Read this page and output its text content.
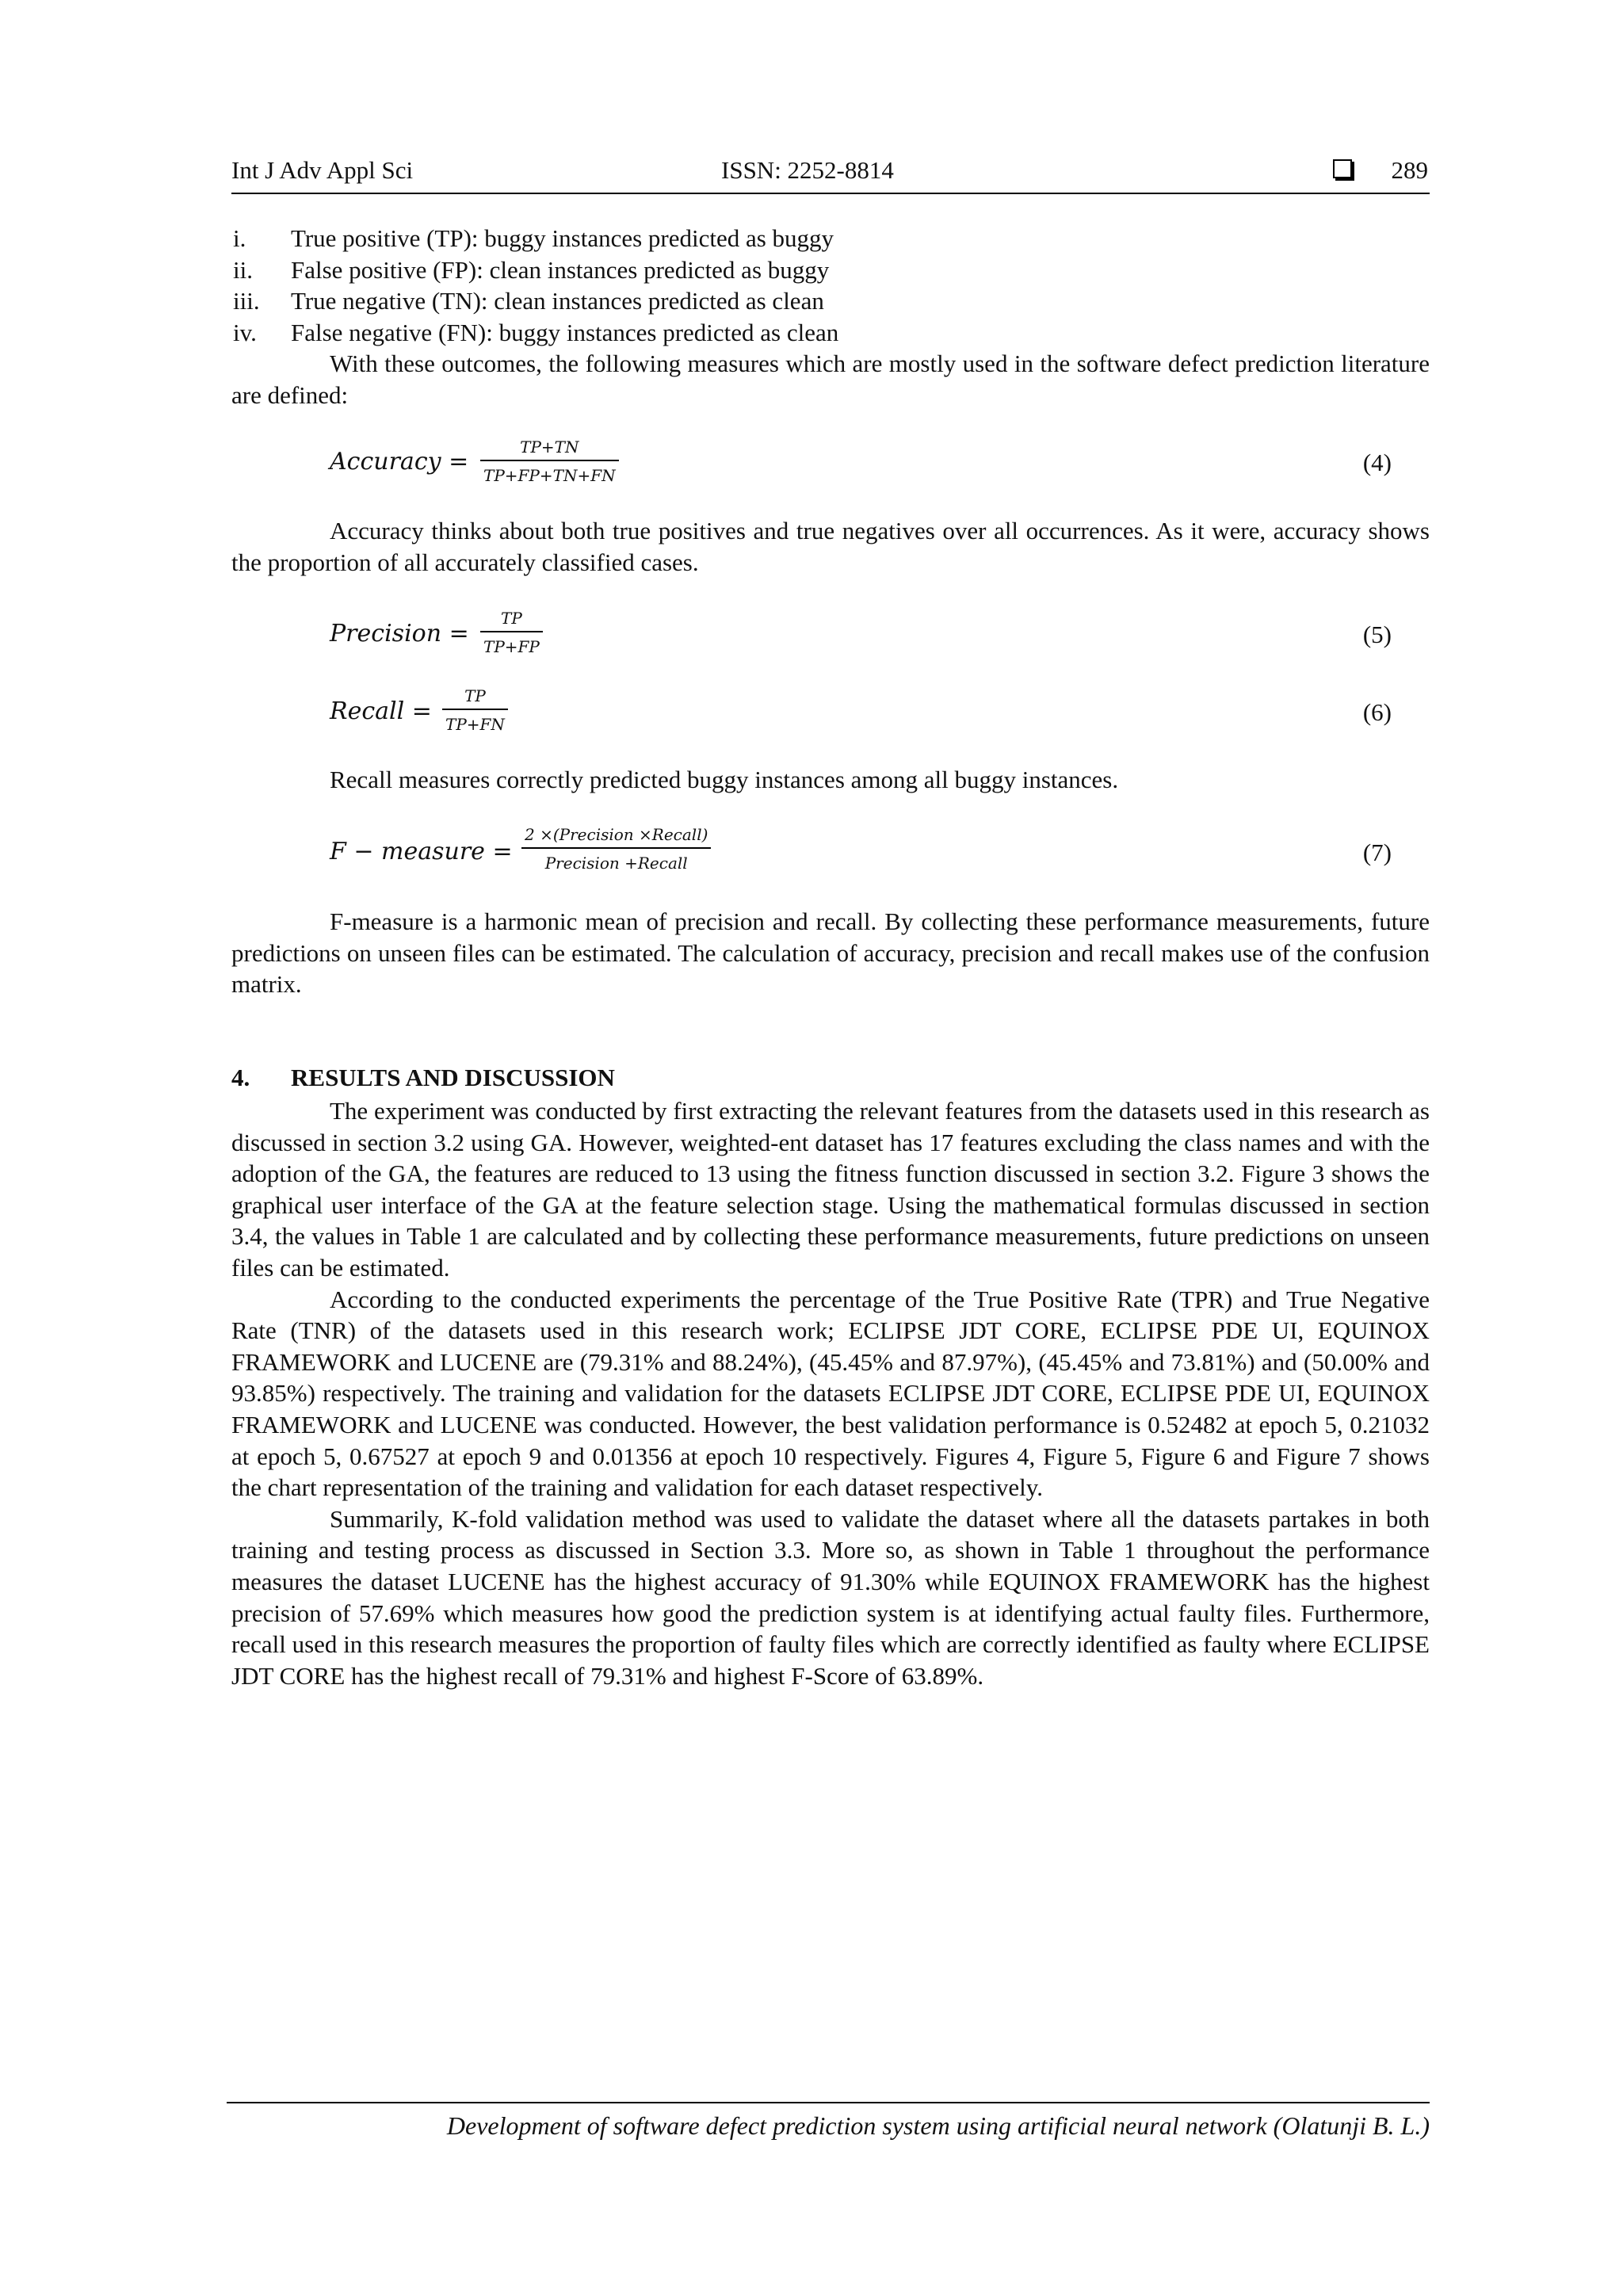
Int J Adv Appl Sci	ISSN: 2252-8814	289
i. True positive (TP): buggy instances predicted as buggy
ii. False positive (FP): clean instances predicted as buggy
iii. True negative (TN): clean instances predicted as clean
iv. False negative (FN): buggy instances predicted as clean

With these outcomes, the following measures which are mostly used in the software defect prediction literature are defined:

Accuracy = $\frac{TP+TN}{TP+FP+TN+FN}$	(4)

Accuracy thinks about both true positives and true negatives over all occurrences. As it were, accuracy shows the proportion of all accurately classified cases.

Precision = $\frac{TP}{TP+FP}$	(5)
Recall = $\frac{TP}{TP+FN}$	(6)

Recall measures correctly predicted buggy instances among all buggy instances.

F − measure =
2 ×(Precision ×Recall)
Precision +Recall	(7)

F-measure is a harmonic mean of precision and recall. By collecting these performance measurements, future predictions on unseen files can be estimated. The calculation of accuracy, precision and recall makes use of the confusion matrix.

4. RESULTS AND DISCUSSION

The experiment was conducted by first extracting the relevant features from the datasets used in this research as discussed in section 3.2 using GA. However, weighted-ent dataset has 17 features excluding the class names and with the adoption of the GA, the features are reduced to 13 using the fitness function discussed in section 3.2. Figure 3 shows the graphical user interface of the GA at the feature selection stage. Using the mathematical formulas discussed in section 3.4, the values in Table 1 are calculated and by collecting these performance measurements, future predictions on unseen files can be estimated.

According to the conducted experiments the percentage of the True Positive Rate (TPR) and True Negative Rate (TNR) of the datasets used in this research work; ECLIPSE JDT CORE, ECLIPSE PDE UI, EQUINOX FRAMEWORK and LUCENE are (79.31% and 88.24%), (45.45% and 87.97%), (45.45% and 73.81%) and (50.00% and 93.85%) respectively. The training and validation for the datasets ECLIPSE JDT CORE, ECLIPSE PDE UI, EQUINOX FRAMEWORK and LUCENE was conducted. However, the best validation performance is 0.52482 at epoch 5, 0.21032 at epoch 5, 0.67527 at epoch 9 and 0.01356 at epoch 10 respectively. Figures 4, Figure 5, Figure 6 and Figure 7 shows the chart representation of the training and validation for each dataset respectively.

Summarily, K-fold validation method was used to validate the dataset where all the datasets partakes in both training and testing process as discussed in Section 3.3. More so, as shown in Table 1 throughout the performance measures the dataset LUCENE has the highest accuracy of 91.30% while EQUINOX FRAMEWORK has the highest precision of 57.69% which measures how good the prediction system is at identifying actual faulty files. Furthermore, recall used in this research measures the proportion of faulty files which are correctly identified as faulty where ECLIPSE JDT CORE has the highest recall of 79.31% and highest F-Score of 63.89%.

Development of software defect prediction system using artificial neural network (Olatunji B. L.)
